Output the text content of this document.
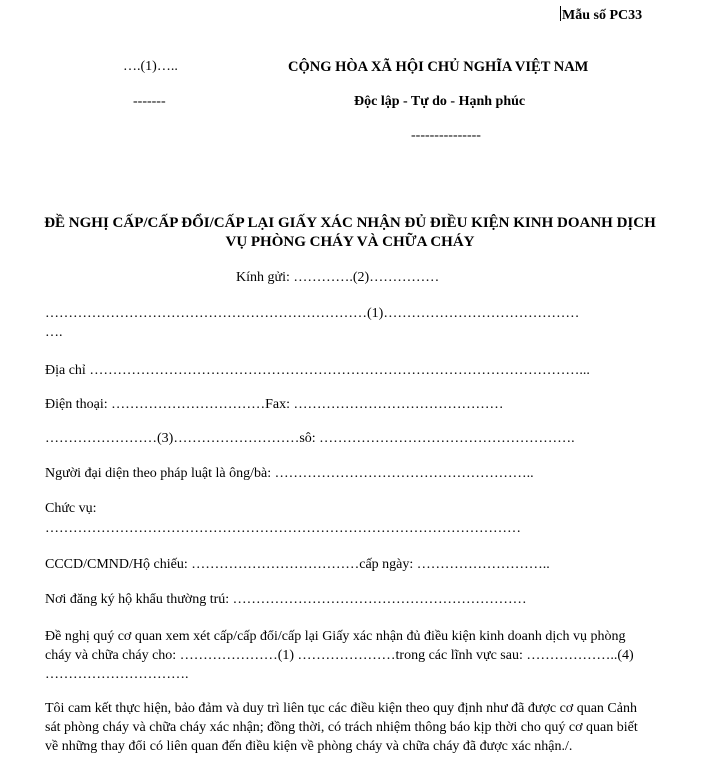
Mẫu số PC33
….(1)…..	CỘNG HÒA XÃ HỘI CHỦ NGHĨA VIỆT NAM
-------	Độc lập - Tự do - Hạnh phúc
---------------
ĐỀ NGHỊ CẤP/CẤP ĐỔI/CẤP LẠI GIẤY XÁC NHẬN ĐỦ ĐIỀU KIỆN KINH DOANH DỊCH VỤ PHÒNG CHÁY VÀ CHỮA CHÁY
Kính gửi: ………….(2)……………
……………………………………………………………(1)……………………………………
….
Địa chỉ ……………………………………………………………………………………………...
Điện thoại: ……………………………Fax: ………………………………………
……………………(3)………………………sô: ……………………………………………….
Người đại diện theo pháp luật là ông/bà: ………………………………………………..
Chức vụ:
…………………………………………………………………………………………
CCCD/CMND/Hộ chiếu: ………………………………cấp ngày: ………………………..
Nơi đăng ký hộ khẩu thường trú: ………………………………………………………
Đề nghị quý cơ quan xem xét cấp/cấp đổi/cấp lại Giấy xác nhận đủ điều kiện kinh doanh dịch vụ phòng cháy và chữa cháy cho: …………………(1) …………………trong các lĩnh vực sau: ………………..(4) ………………………….
Tôi cam kết thực hiện, bảo đảm và duy trì liên tục các điều kiện theo quy định như đã được cơ quan Cảnh sát phòng cháy và chữa cháy xác nhận; đồng thời, có trách nhiệm thông báo kịp thời cho quý cơ quan biết về những thay đổi có liên quan đến điều kiện về phòng cháy và chữa cháy đã được xác nhận./.
